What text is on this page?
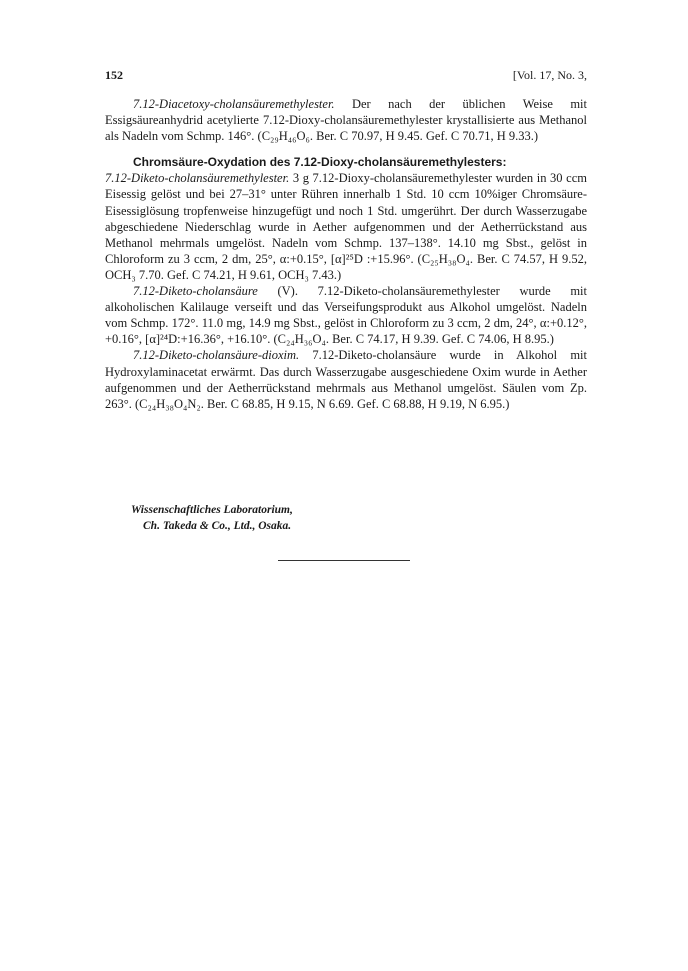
152	[Vol. 17, No. 3,

7.12-Diacetoxy-cholansäuremethylester. Der nach der üblichen Weise mit Essigsäureanhydrid acetylierte 7.12-Dioxy-cholansäuremethylester krystallisierte aus Methanol als Nadeln vom Schmp. 146°. (C₂₉H₄₆O₆. Ber. C 70.97, H 9.45. Gef. C 70.71, H 9.33.)

Chromsäure-Oxydation des 7.12-Dioxy-cholansäuremethylesters:

7.12-Diketo-cholansäuremethylester. 3 g 7.12-Dioxy-cholansäuremethylester wurden in 30 ccm Eisessig gelöst und bei 27–31° unter Rühren innerhalb 1 Std. 10 ccm 10%iger Chromsäure-Eisessiglösung tropfenweise hinzugefügt und noch 1 Std. umgerührt. Der durch Wasserzugabe abgeschiedene Niederschlag wurde in Aether aufgenommen und der Aetherrückstand aus Methanol mehrmals umgelöst. Nadeln vom Schmp. 137–138°. 14.10 mg Sbst., gelöst in Chloroform zu 3 ccm, 2 dm, 25°, α:+0.15°, [α]²⁵D :+15.96°. (C₂₅H₃₈O₄. Ber. C 74.57, H 9.52, OCH₃ 7.70. Gef. C 74.21, H 9.61, OCH₃ 7.43.)

7.12-Diketo-cholansäure (V). 7.12-Diketo-cholansäuremethylester wurde mit alkoholischen Kalilauge verseift und das Verseifungsprodukt aus Alkohol umgelöst. Nadeln vom Schmp. 172°. 11.0 mg, 14.9 mg Sbst., gelöst in Chloroform zu 3 ccm, 2 dm, 24°, α:+0.12°, +0.16°, [α]²⁴D:+16.36°, +16.10°. (C₂₄H₃₆O₄. Ber. C 74.17, H 9.39. Gef. C 74.06, H 8.95.)

7.12-Diketo-cholansäure-dioxim. 7.12-Diketo-cholansäure wurde in Alkohol mit Hydroxylaminacetat erwärmt. Das durch Wasserzugabe ausgeschiedene Oxim wurde in Aether aufgenommen und der Aetherrückstand mehrmals aus Methanol umgelöst. Säulen vom Zp. 263°. (C₂₄H₃₈O₄N₂. Ber. C 68.85, H 9.15, N 6.69. Gef. C 68.88, H 9.19, N 6.95.)

Wissenschaftliches Laboratorium,
Ch. Takeda & Co., Ltd., Osaka.
